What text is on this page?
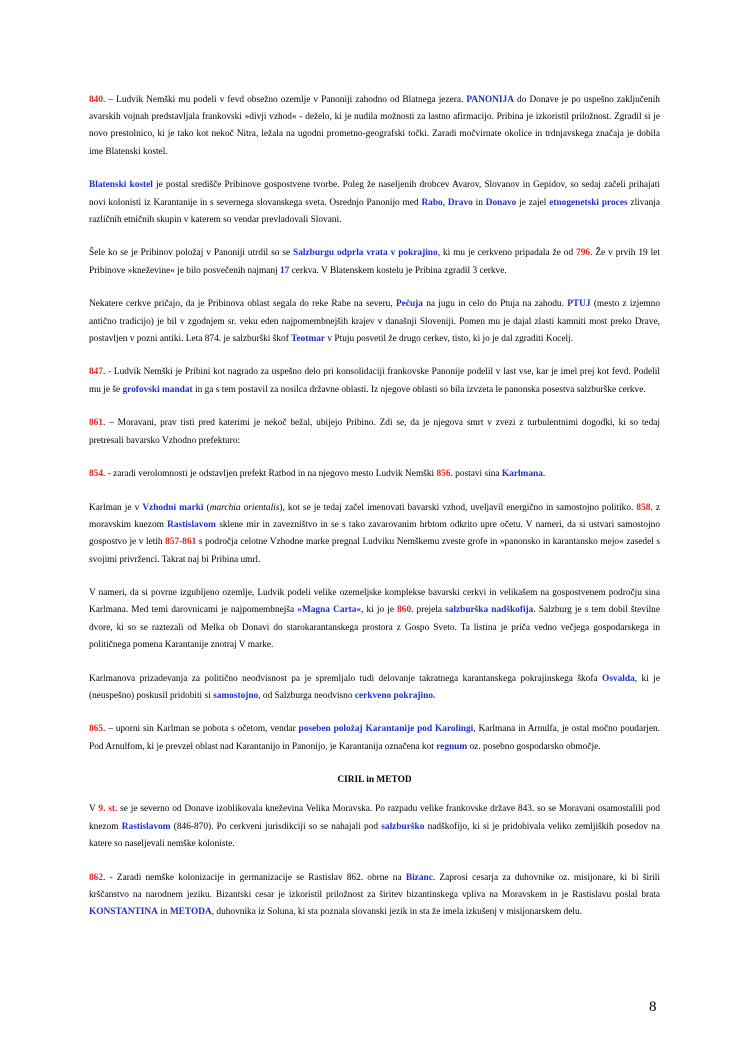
840. – Ludvik Nemški mu podeli v fevd obsežno ozemlje v Panoniji zahodno od Blatnega jezera. PANONIJA do Donave je po uspešno zaključenih avarskih vojnah predstavljala frankovski »divji vzhod« - deželo, ki je nudila možnosti za lastno afirmacijo. Pribina je izkoristil priložnost. Zgradil si je novo prestolnico, ki je tako kot nekoč Nitra, ležala na ugodni prometno-geografski točki. Zaradi močvirnate okolice in trdnjavskega značaja je dobila ime Blatenski kostel.

Blatenski kostel je postal središče Pribinove gospostvene tvorbe. Poleg že naseljenih drobcev Avarov, Slovanov in Gepidov, so sedaj začeli prihajati novi kolonisti iz Karantanije in s severnega slovanskega sveta. Osrednjo Panonijo med Rabo, Dravo in Donavo je zajel etnogenetski proces zlivanja različnih etničnih skupin v katerem so vendar prevladovali Slovani.

Šele ko se je Pribinov položaj v Panoniji utrdil so se Salzburgu odprla vrata v pokrajino, ki mu je cerkveno pripadala že od 796. Že v prvih 19 let Pribinove »kneževine« je bilo posvečenih najmanj 17 cerkva. V Blatenskem kostelu je Pribina zgradil 3 cerkve.

Nekatere cerkve pričajo, da je Pribinova oblast segala do reke Rabe na severu, Pečuja na jugu in celo do Ptuja na zahodu. PTUJ (mesto z izjemno antično tradicijo) je bil v zgodnjem sr. veku eden najpomembnejših krajev v današnji Sloveniji. Pomen mu je dajal zlasti kamniti most preko Drave, postavljen v pozni antiki. Leta 874. je salzburški škof Teotmar v Ptuju posvetil že drugo cerkev, tisto, ki jo je dal zgraditi Kocelj.

847. - Ludvik Nemški je Pribini kot nagrado za uspešno delo pri konsolidaciji frankovske Panonije podelil v last vse, kar je imel prej kot fevd. Podelil mu je še grofovski mandat in ga s tem postavil za nosilca državne oblasti. Iz njegove oblasti so bila izvzeta le panonska posestva salzburške cerkve.

861. – Moravani, prav tisti pred katerimi je nekoč bežal, ubijejo Pribino. Zdi se, da je njegova smrt v zvezi z turbulentnimi dogodki, ki so tedaj pretresali bavarsko Vzhodno prefekturo:

854. - zaradi verolomnosti je odstavljen prefekt Ratbod in na njegovo mesto Ludvik Nemški 856. postavi sina Karlmana.

Karlman je v Vzhodni marki (marchia orientalis), kot se je tedaj začel imenovati bavarski vzhod, uveljavil energično in samostojno politiko. 858. z moravskim knezom Rastislavom sklene mir in zavezništvo in se s tako zavarovanim hrbtom odkrito upre očetu. V nameri, da si ustvari samostojno gospostvo je v letih 857-861 s področja celotne Vzhodne marke pregnal Ludviku Nemškemu zveste grofe in »panonsko in karantansko mejo« zasedel s svojimi privrženci. Takrat naj bi Pribina umrl.

V nameri, da si povrne izgubljeno ozemlje, Ludvik podeli velike ozemeljske komplekse bavarski cerkvi in velikašem na gospostvenem področju sina Karlmana. Med temi darovnicami je najpomembnejša »Magna Carta«, ki jo je 860. prejela salzburška nadškofija. Salzburg je s tem dobil številne dvore, ki so se raztezali od Melka ob Donavi do starokarantanskega prostora z Gospo Sveto. Ta listina je priča vedno večjega gospodarskega in političnega pomena Karantanije znotraj V marke.

Karlmanova prizadevanja za politično neodvisnost pa je spremljalo tudi delovanje takratnega karantanskega pokrajinskega škofa Osvalda, ki je (neuspešno) poskusil pridobiti si samostojno, od Salzburga neodvisno cerkveno pokrajino.

865. – uporni sin Karlman se pobota s očetom, vendar poseben položaj Karantanije pod Karolingi, Karlmana in Arnulfa, je ostal močno poudarjen. Pod Arnulfom, ki je prevzel oblast nad Karantanijo in Panonijo, je Karantanija označena kot regnum oz. posebno gospodarsko območje.

CIRIL in METOD

V 9. st. se je severno od Donave izoblikovala kneževina Velika Moravska. Po razpadu velike frankovske države 843. so se Moravani osamostalili pod knezom Rastislavom (846-870). Po cerkveni jurisdikciji so se nahajali pod salzburško nadškofijo, ki si je pridobivala veliko zemljiških posedov na katere so naseljevali nemške koloniste.

862. - Zaradi nemške kolonizacije in germanizacije se Rastislav 862. obrne na Bizanc. Zaprosi cesarja za duhovnike oz. misijonare, ki bi širili krščanstvo na narodnem jeziku. Bizantski cesar je izkoristil priložnost za širitev bizantinskega vpliva na Moravskem in je Rastislavu poslal brata KONSTANTINA in METODA, duhovnika iz Soluna, ki sta poznala slovanski jezik in sta že imela izkušenj v misijonarskem delu.

8
